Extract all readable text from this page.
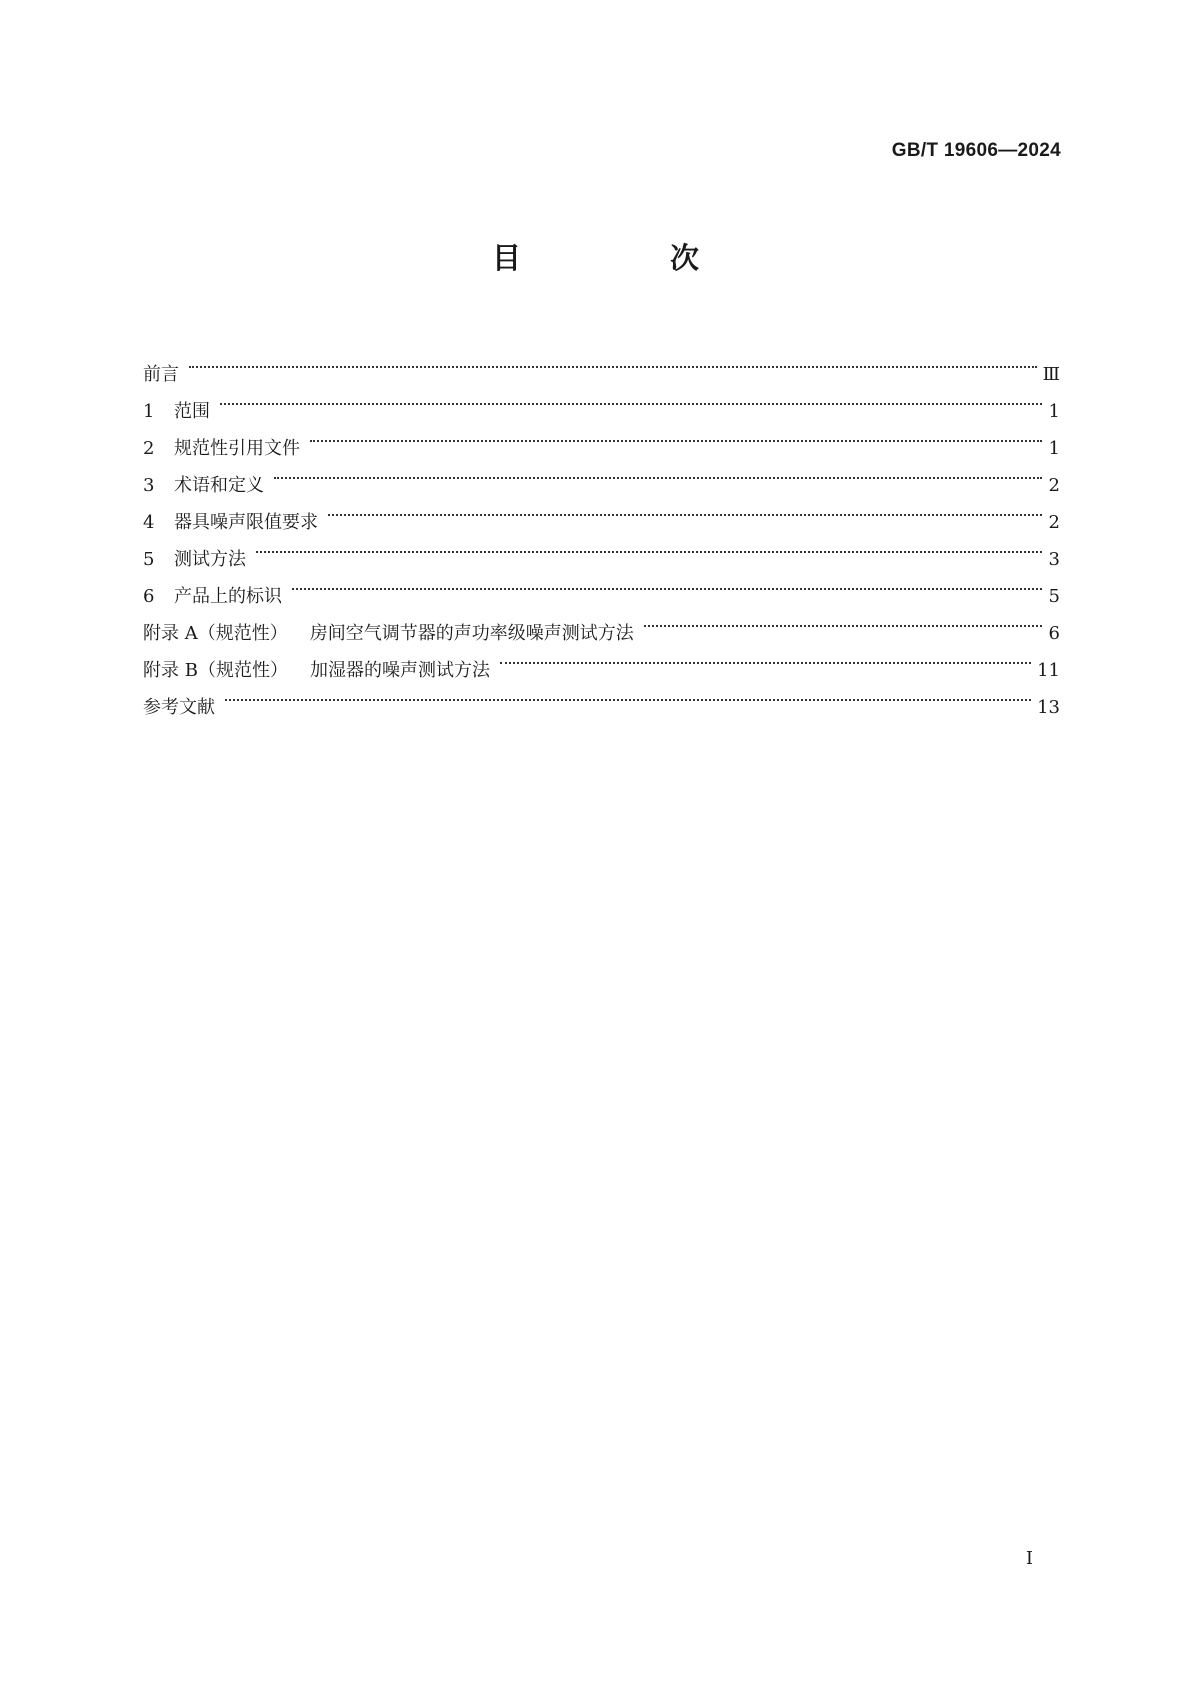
GB/T 19606—2024
目　次
前言	Ⅲ
1	范围	1
2	规范性引用文件	1
3	术语和定义	2
4	器具噪声限值要求	2
5	测试方法	3
6	产品上的标识	5
附录 A（规范性） 房间空气调节器的声功率级噪声测试方法	6
附录 B（规范性） 加湿器的噪声测试方法	11
参考文献	13
Ⅰ
